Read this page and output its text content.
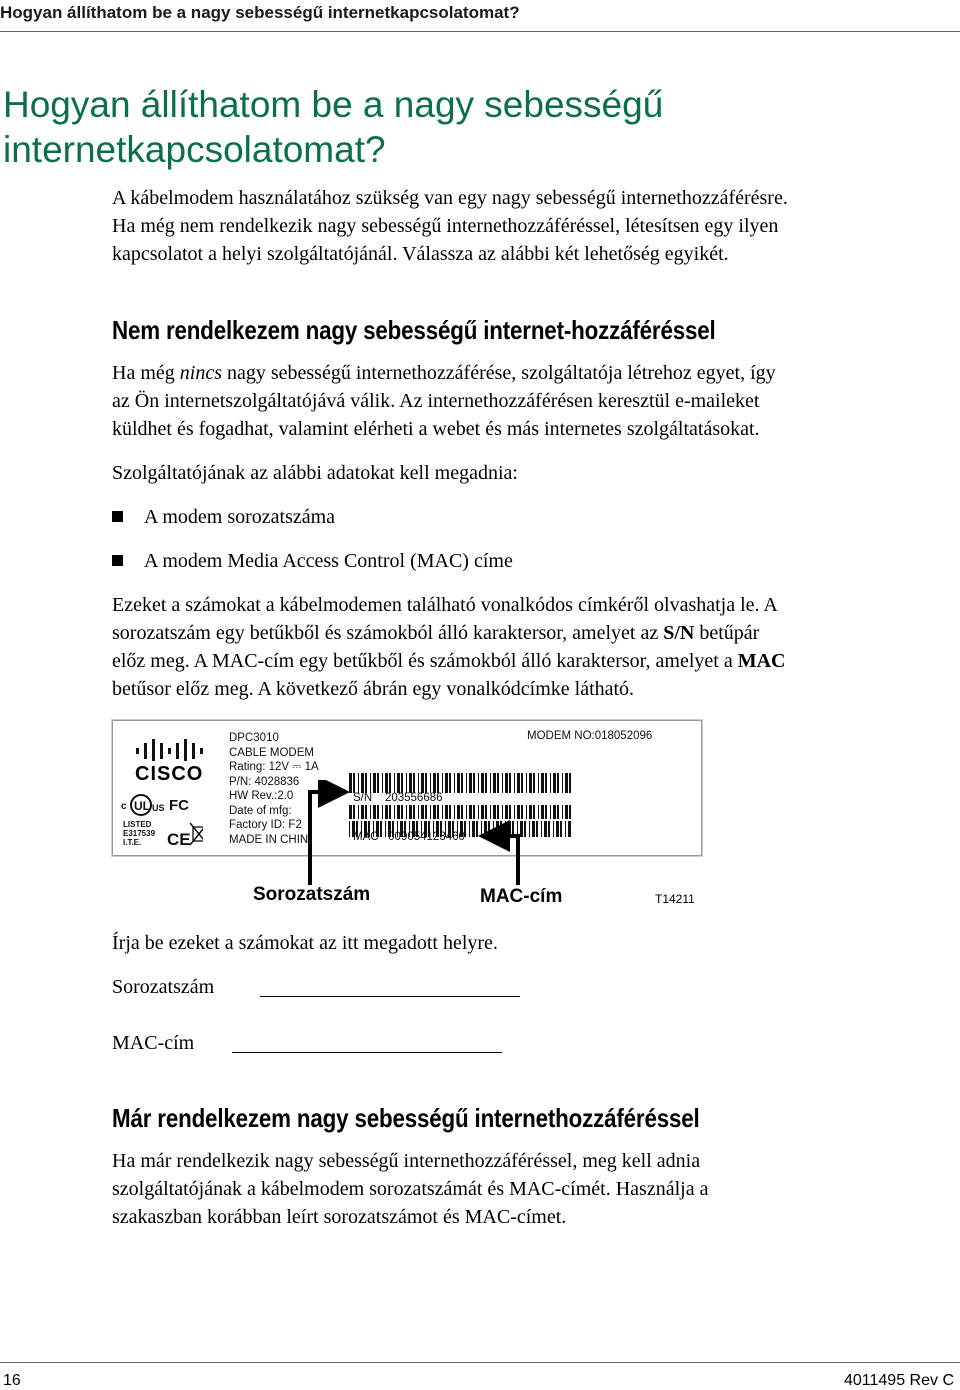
Hogyan állíthatom be a nagy sebességű internetkapcsolatomat?
Hogyan állíthatom be a nagy sebességű
internetkapcsolatomat?

A kábelmodem használatához szükség van egy nagy sebességű internethozzáférésre.
Ha még nem rendelkezik nagy sebességű internethozzáféréssel, létesítsen egy ilyen
kapcsolatot a helyi szolgáltatójánál. Válassza az alábbi két lehetőség egyikét.

Nem rendelkezem nagy sebességű internet-hozzáféréssel

Ha még nincs nagy sebességű internethozzáférése, szolgáltatója létrehoz egyet, így
az Ön internetszolgáltatójává válik. Az internethozzáférésen keresztül e-maileket
küldhet és fogadhat, valamint elérheti a webet és más internetes szolgáltatásokat.

Szolgáltatójának az alábbi adatokat kell megadnia:

A modem sorozatszáma
A modem Media Access Control (MAC) címe

Ezeket a számokat a kábelmodemen található vonalkódos címkéről olvashatja le. A
sorozatszám egy betűkből és számokból álló karaktersor, amelyet az S/N betűpár
előz meg. A MAC-cím egy betűkből és számokból álló karaktersor, amelyet a MAC
betűsor előz meg. A következő ábrán egy vonalkódcímke látható.

CISCO
UL
c	US FC
CE
LISTED
E317539
I.T.E.
DPC3010
CABLE MODEM
Rating: 12V ⎓ 1A
P/N: 4028836
HW Rev.:2.0
Date of mfg:
Factory ID: F2
MADE IN CHIN
MODEM NO:018052096
S/N 203556686
MAC 009054123460
Sorozatszám	MAC-cím	T14211

Írja be ezeket a számokat az itt megadott helyre.

Sorozatszám
MAC-cím
Már rendelkezem nagy sebességű internethozzáféréssel

Ha már rendelkezik nagy sebességű internethozzáféréssel, meg kell adnia
szolgáltatójának a kábelmodem sorozatszámát és MAC-címét. Használja a
szakaszban korábban leírt sorozatszámot és MAC-címet.

16	4011495 Rev C
